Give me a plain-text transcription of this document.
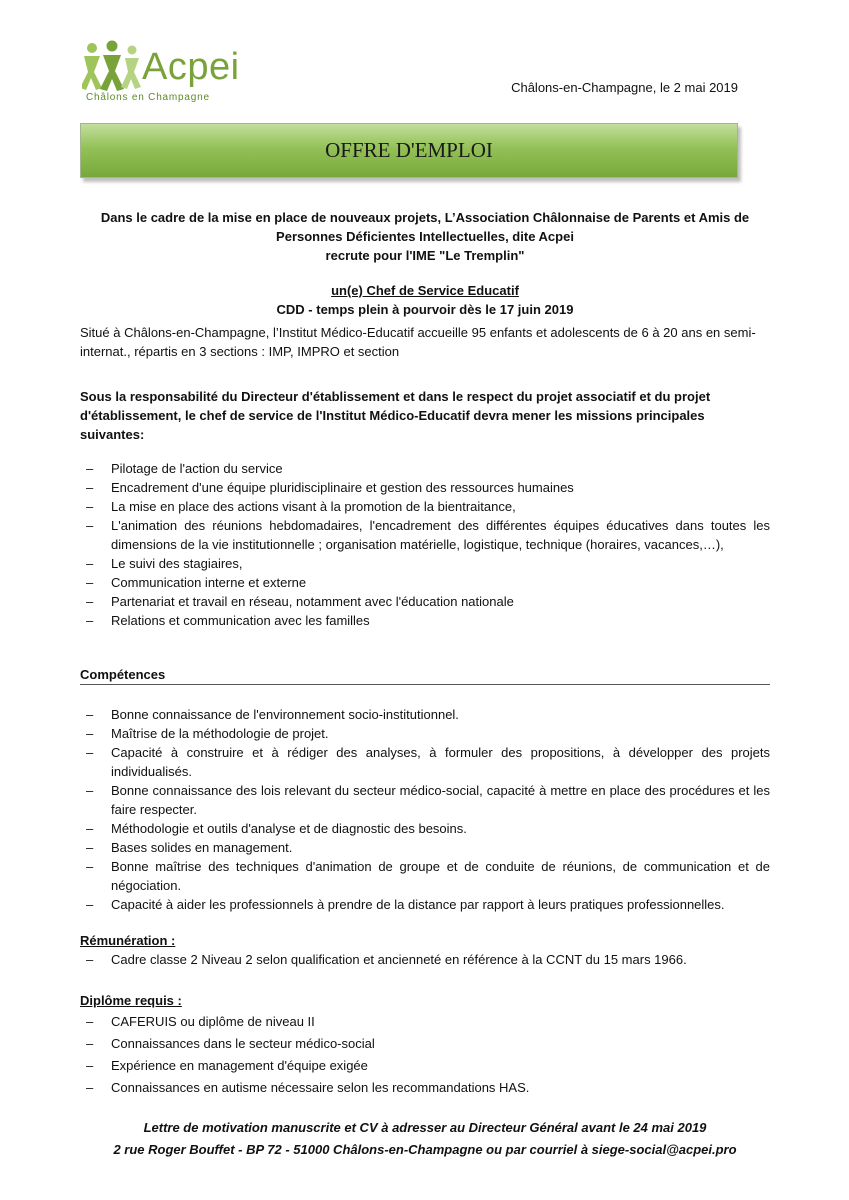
Acpei
Châlons en Champagne
Châlons-en-Champagne, le 2 mai 2019
OFFRE D'EMPLOI
Dans le cadre de la mise en place de nouveaux projets, L’Association Châlonnaise de Parents et Amis de
Personnes Déficientes Intellectuelles, dite Acpei
recrute pour l'IME "Le Tremplin"
un(e) Chef de Service Educatif
CDD - temps plein à pourvoir dès le 17 juin 2019
Situé à Châlons-en-Champagne, l’Institut Médico-Educatif accueille 95 enfants et adolescents de 6 à 20 ans en semi-internat., répartis en 3 sections : IMP, IMPRO et section
Sous la responsabilité du Directeur d'établissement et dans le respect du projet associatif et du projet d'établissement, le chef de service de l'Institut Médico-Educatif devra mener les missions principales suivantes:
– Pilotage de l'action du service
– Encadrement d'une équipe pluridisciplinaire et gestion des ressources humaines
– La mise en place des actions visant à la promotion de la bientraitance,
– L'animation des réunions hebdomadaires, l'encadrement des différentes équipes éducatives dans toutes les dimensions de la vie institutionnelle ; organisation matérielle, logistique, technique (horaires, vacances,…),
– Le suivi des stagiaires,
– Communication interne et externe
– Partenariat et travail en réseau, notamment avec l'éducation nationale
– Relations et communication avec les familles
Compétences
– Bonne connaissance de l'environnement socio-institutionnel.
– Maîtrise de la méthodologie de projet.
– Capacité à construire et à rédiger des analyses, à formuler des propositions, à développer des projets individualisés.
– Bonne connaissance des lois relevant du secteur médico-social, capacité à mettre en place des procédures et les faire respecter.
– Méthodologie et outils d'analyse et de diagnostic des besoins.
– Bases solides en management.
– Bonne maîtrise des techniques d'animation de groupe et de conduite de réunions, de communication et de négociation.
– Capacité à aider les professionnels à prendre de la distance par rapport à leurs pratiques professionnelles.
Rémunération :
– Cadre classe 2 Niveau 2 selon qualification et ancienneté en référence à la CCNT du 15 mars 1966.
Diplôme requis :
– CAFERUIS ou diplôme de niveau II
– Connaissances dans le secteur médico-social
– Expérience en management d'équipe exigée
– Connaissances en autisme nécessaire selon les recommandations HAS.
Lettre de motivation manuscrite et CV à adresser au Directeur Général avant le 24 mai 2019
2 rue Roger Bouffet - BP 72 - 51000 Châlons-en-Champagne ou par courriel à siege-social@acpei.pro
